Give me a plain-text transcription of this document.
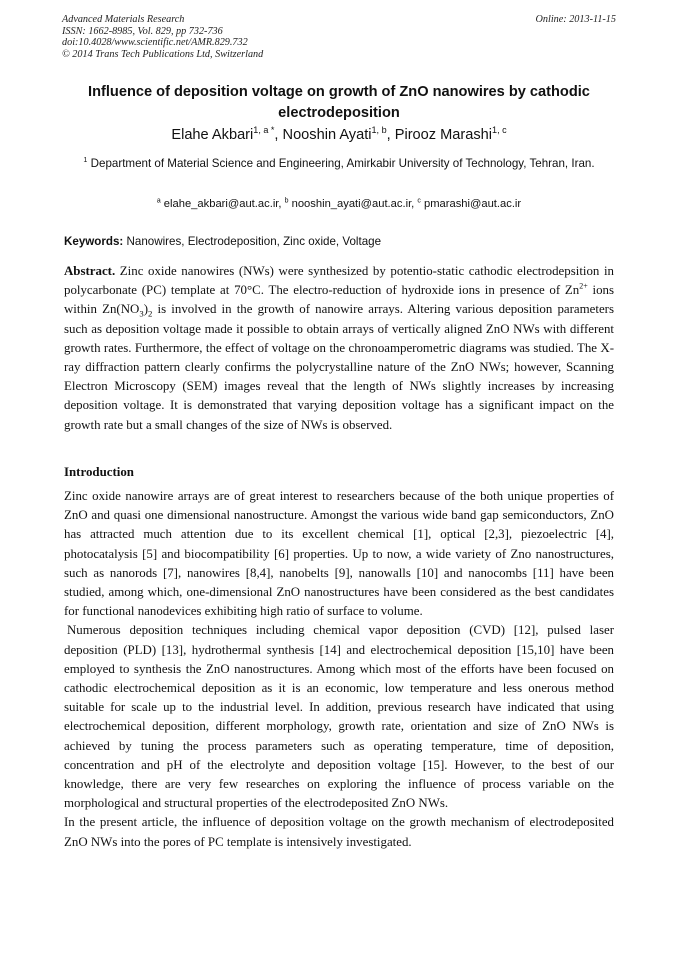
Advanced Materials Research
ISSN: 1662-8985, Vol. 829, pp 732-736
doi:10.4028/www.scientific.net/AMR.829.732
© 2014 Trans Tech Publications Ltd, Switzerland
Online: 2013-11-15
Influence of deposition voltage on growth of ZnO nanowires by cathodic electrodeposition
Elahe Akbari$^{1, a *}$, Nooshin Ayati$^{1, b}$, Pirooz Marashi$^{1, c}$
$^1$ Department of Material Science and Engineering, Amirkabir University of Technology, Tehran, Iran.
$^a$ elahe_akbari@aut.ac.ir, $^b$ nooshin_ayati@aut.ac.ir, $^c$ pmarashi@aut.ac.ir
Keywords: Nanowires, Electrodeposition, Zinc oxide, Voltage
Abstract. Zinc oxide nanowires (NWs) were synthesized by potentio-static cathodic electrodepsition in polycarbonate (PC) template at 70°C. The electro-reduction of hydroxide ions in presence of $Zn^{2+}$ ions within $Zn(NO_3)_2$ is involved in the growth of nanowire arrays. Altering various deposition parameters such as deposition voltage made it possible to obtain arrays of vertically aligned ZnO NWs with different growth rates. Furthermore, the effect of voltage on the chronoamperometric diagrams was studied. The X-ray diffraction pattern clearly confirms the polycrystalline nature of the ZnO NWs; however, Scanning Electron Microscopy (SEM) images reveal that the length of NWs slightly increases by increasing deposition voltage. It is demonstrated that varying deposition voltage has a significant impact on the growth rate but a small changes of the size of NWs is observed.
Introduction

Zinc oxide nanowire arrays are of great interest to researchers because of the both unique properties of ZnO and quasi one dimensional nanostructure. Amongst the various wide band gap semiconductors, ZnO has attracted much attention due to its excellent chemical [1], optical [2,3], piezoelectric [4], photocatalysis [5] and biocompatibility [6] properties. Up to now, a wide variety of Zno nanostructures, such as nanorods [7], nanowires [8,4], nanobelts [9], nanowalls [10] and nanocombs [11] have been studied, among which, one-dimensional ZnO nanostructures have been considered as the best candidates for functional nanodevices exhibiting high ratio of surface to volume.

Numerous deposition techniques including chemical vapor deposition (CVD) [12], pulsed laser deposition (PLD) [13], hydrothermal synthesis [14] and electrochemical deposition [15,10] have been employed to synthesis the ZnO nanostructures. Among which most of the efforts have been focused on cathodic electrochemical deposition as it is an economic, low temperature and less onerous method suitable for scale up to the industrial level. In addition, previous research have indicated that using electrochemical deposition, different morphology, growth rate, orientation and size of ZnO NWs is achieved by tuning the process parameters such as operating temperature, time of deposition, concentration and pH of the electrolyte and deposition voltage [15]. However, to the best of our knowledge, there are very few researches on exploring the influence of process variable on the morphological and structural properties of the electrodeposited ZnO NWs.

In the present article, the influence of deposition voltage on the growth mechanism of electrodeposited ZnO NWs into the pores of PC template is intensively investigated.
